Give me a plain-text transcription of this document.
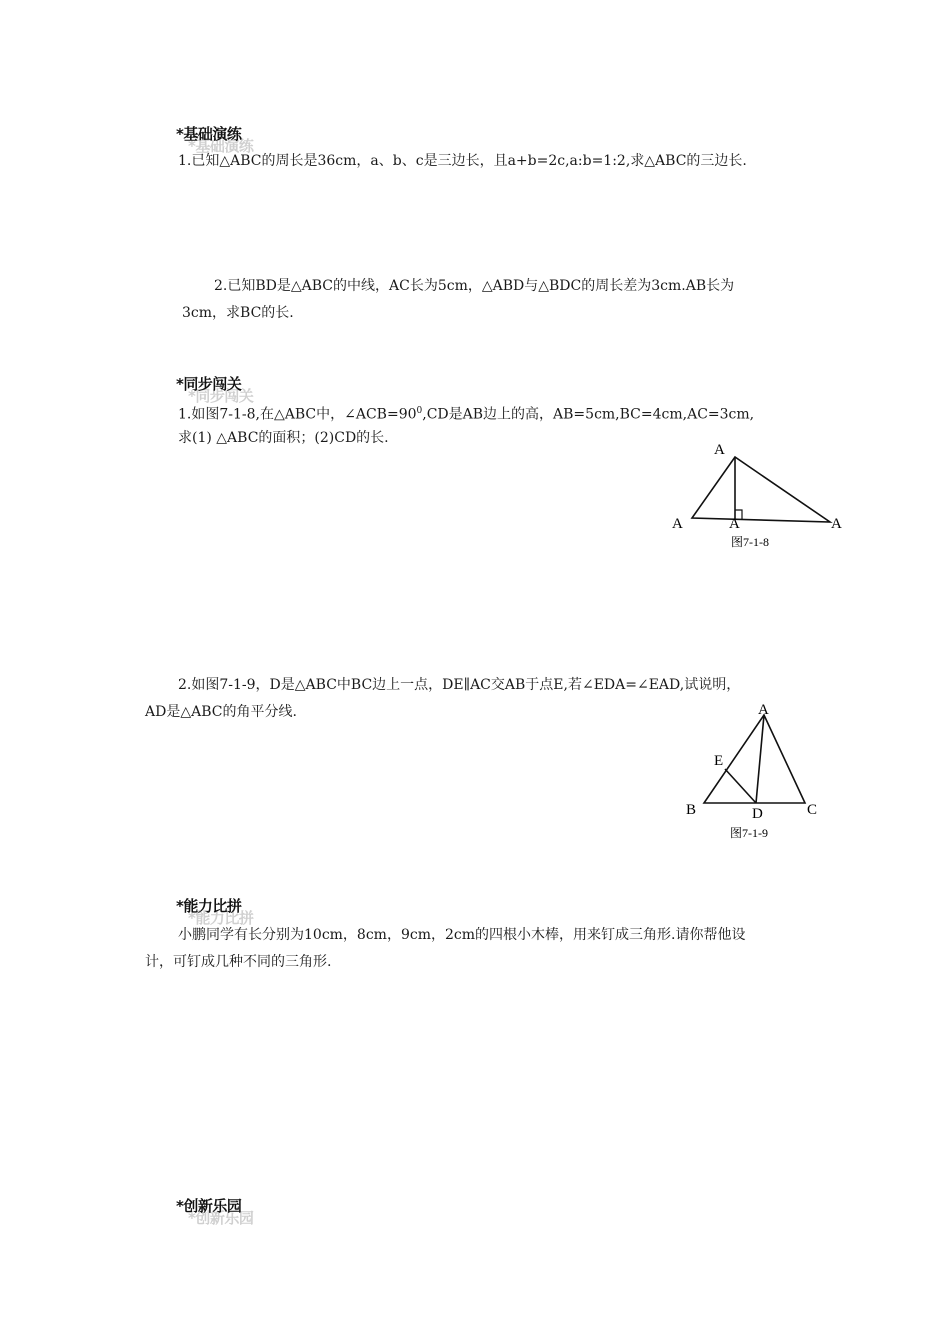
*基础演练
*基础演练
1.已知△ABC的周长是36cm，a、b、c是三边长，且a+b=2c,a:b=1:2,求△ABC的三边长.
2.已知BD是△ABC的中线，AC长为5cm，△ABD与△BDC的周长差为3cm.AB长为
3cm，求BC的长.
*同步闯关
*同步闯关
1.如图7-1-8,在△ABC中，$\angle ACB=90^0,CD$是AB边上的高，AB=5cm,BC=4cm,AC=3cm,
求(1) △ABC的面积；(2)CD的长.
A
A	A	A
图7-1-8
2.如图7-1-9，D是△ABC中BC边上一点，DE∥AC交AB于点E,若∠EDA=∠EAD,试说明，
AD是△ABC的角平分线.	A
B	C
D
E
图7-1-9
*能力比拼
*能力比拼
小鹏同学有长分别为10cm，8cm，9cm，2cm的四根小木棒，用来钉成三角形.请你帮他设
计，可钉成几种不同的三角形.
*创新乐园
*创新乐园
